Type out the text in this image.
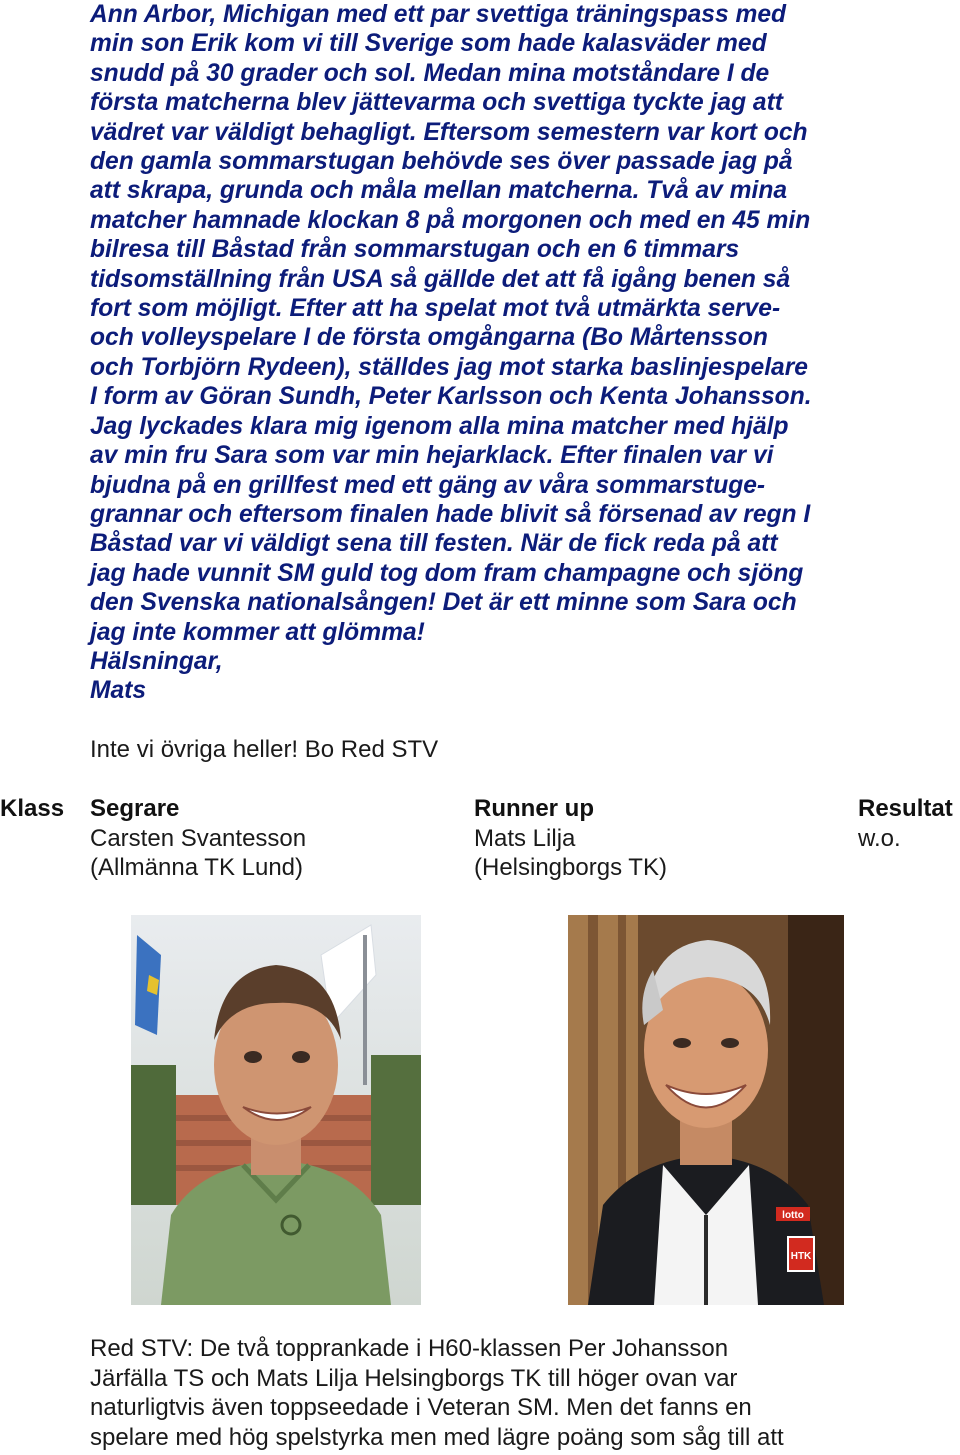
Ann Arbor, Michigan med ett par svettiga träningspass med
min son Erik kom vi till Sverige som hade kalasväder med
snudd på 30 grader och sol. Medan mina motståndare I de
första matcherna blev jättevarma och svettiga tyckte jag att
vädret var väldigt behagligt. Eftersom semestern var kort och
den gamla sommarstugan behövde ses över passade jag på
att skrapa, grunda och måla mellan matcherna. Två av mina
matcher hamnade klockan 8 på morgonen och med en 45 min
bilresa till Båstad från sommarstugan och en 6 timmars
tidsomställning från USA så gällde det att få igång benen så
fort som möjligt. Efter att ha spelat mot två utmärkta serve-
och volleyspelare I de första omgångarna (Bo Mårtensson
och Torbjörn Rydeen), ställdes jag mot starka baslinjespelare
I form av Göran Sundh, Peter Karlsson och Kenta Johansson.
Jag lyckades klara mig igenom alla mina matcher med hjälp
av min fru Sara som var min hejarklack. Efter finalen var vi
bjudna på en grillfest med ett gäng av våra sommarstuge-
grannar och eftersom finalen hade blivit så försenad av regn I
Båstad var vi väldigt sena till festen. När de fick reda på att
jag hade vunnit SM guld tog dom fram champagne och sjöng
den Svenska nationalsången! Det är ett minne som Sara och
jag inte kommer att glömma!
Hälsningar,
Mats

Inte vi övriga heller! Bo Red STV
Klass Segrare
Carsten Svantesson
(Allmänna TK Lund)
Runner up
Mats Lilja
(Helsingborgs TK)
Resultat
w.o.
lotto
HTK
Red STV: De två topprankade i H60-klassen Per Johansson
Järfälla TS och Mats Lilja Helsingborgs TK till höger ovan var
naturligtvis även toppseedade i Veteran SM. Men det fanns en
spelare med hög spelstyrka men med lägre poäng som såg till att
